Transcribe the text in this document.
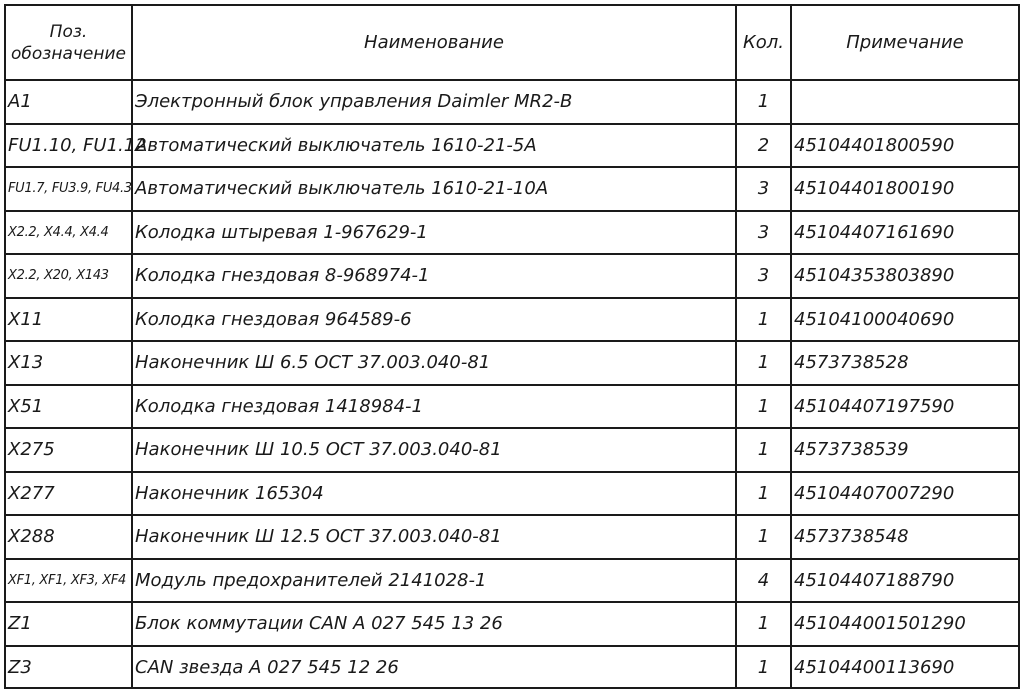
Поз.
обозначение	Наименование	Кол.	Примечание
A1	Электронный блок управления Daimler MR2-B	1	
FU1.10, FU1.12	Автоматический выключатель 1610-21-5A	2	45104401800590
FU1.7, FU3.9, FU4.3	Автоматический выключатель 1610-21-10A	3	45104401800190
X2.2, X4.4, X4.4	Колодка штыревая 1-967629-1	3	45104407161690
X2.2, X20, X143	Колодка гнездовая 8-968974-1	3	45104353803890
X11	Колодка гнездовая 964589-6	1	45104100040690
X13	Наконечник Ш 6.5 ОСТ 37.003.040-81	1	4573738528
X51	Колодка гнездовая 1418984-1	1	45104407197590
X275	Наконечник Ш 10.5 ОСТ 37.003.040-81	1	4573738539
X277	Наконечник 165304	1	45104407007290
X288	Наконечник Ш 12.5 ОСТ 37.003.040-81	1	4573738548
XF1, XF1, XF3, XF4	Модуль предохранителей 2141028-1	4	45104407188790
Z1	Блок коммутации CAN A 027 545 13 26	1	451044001501290
Z3	CAN звезда A 027 545 12 26	1	45104400113690
